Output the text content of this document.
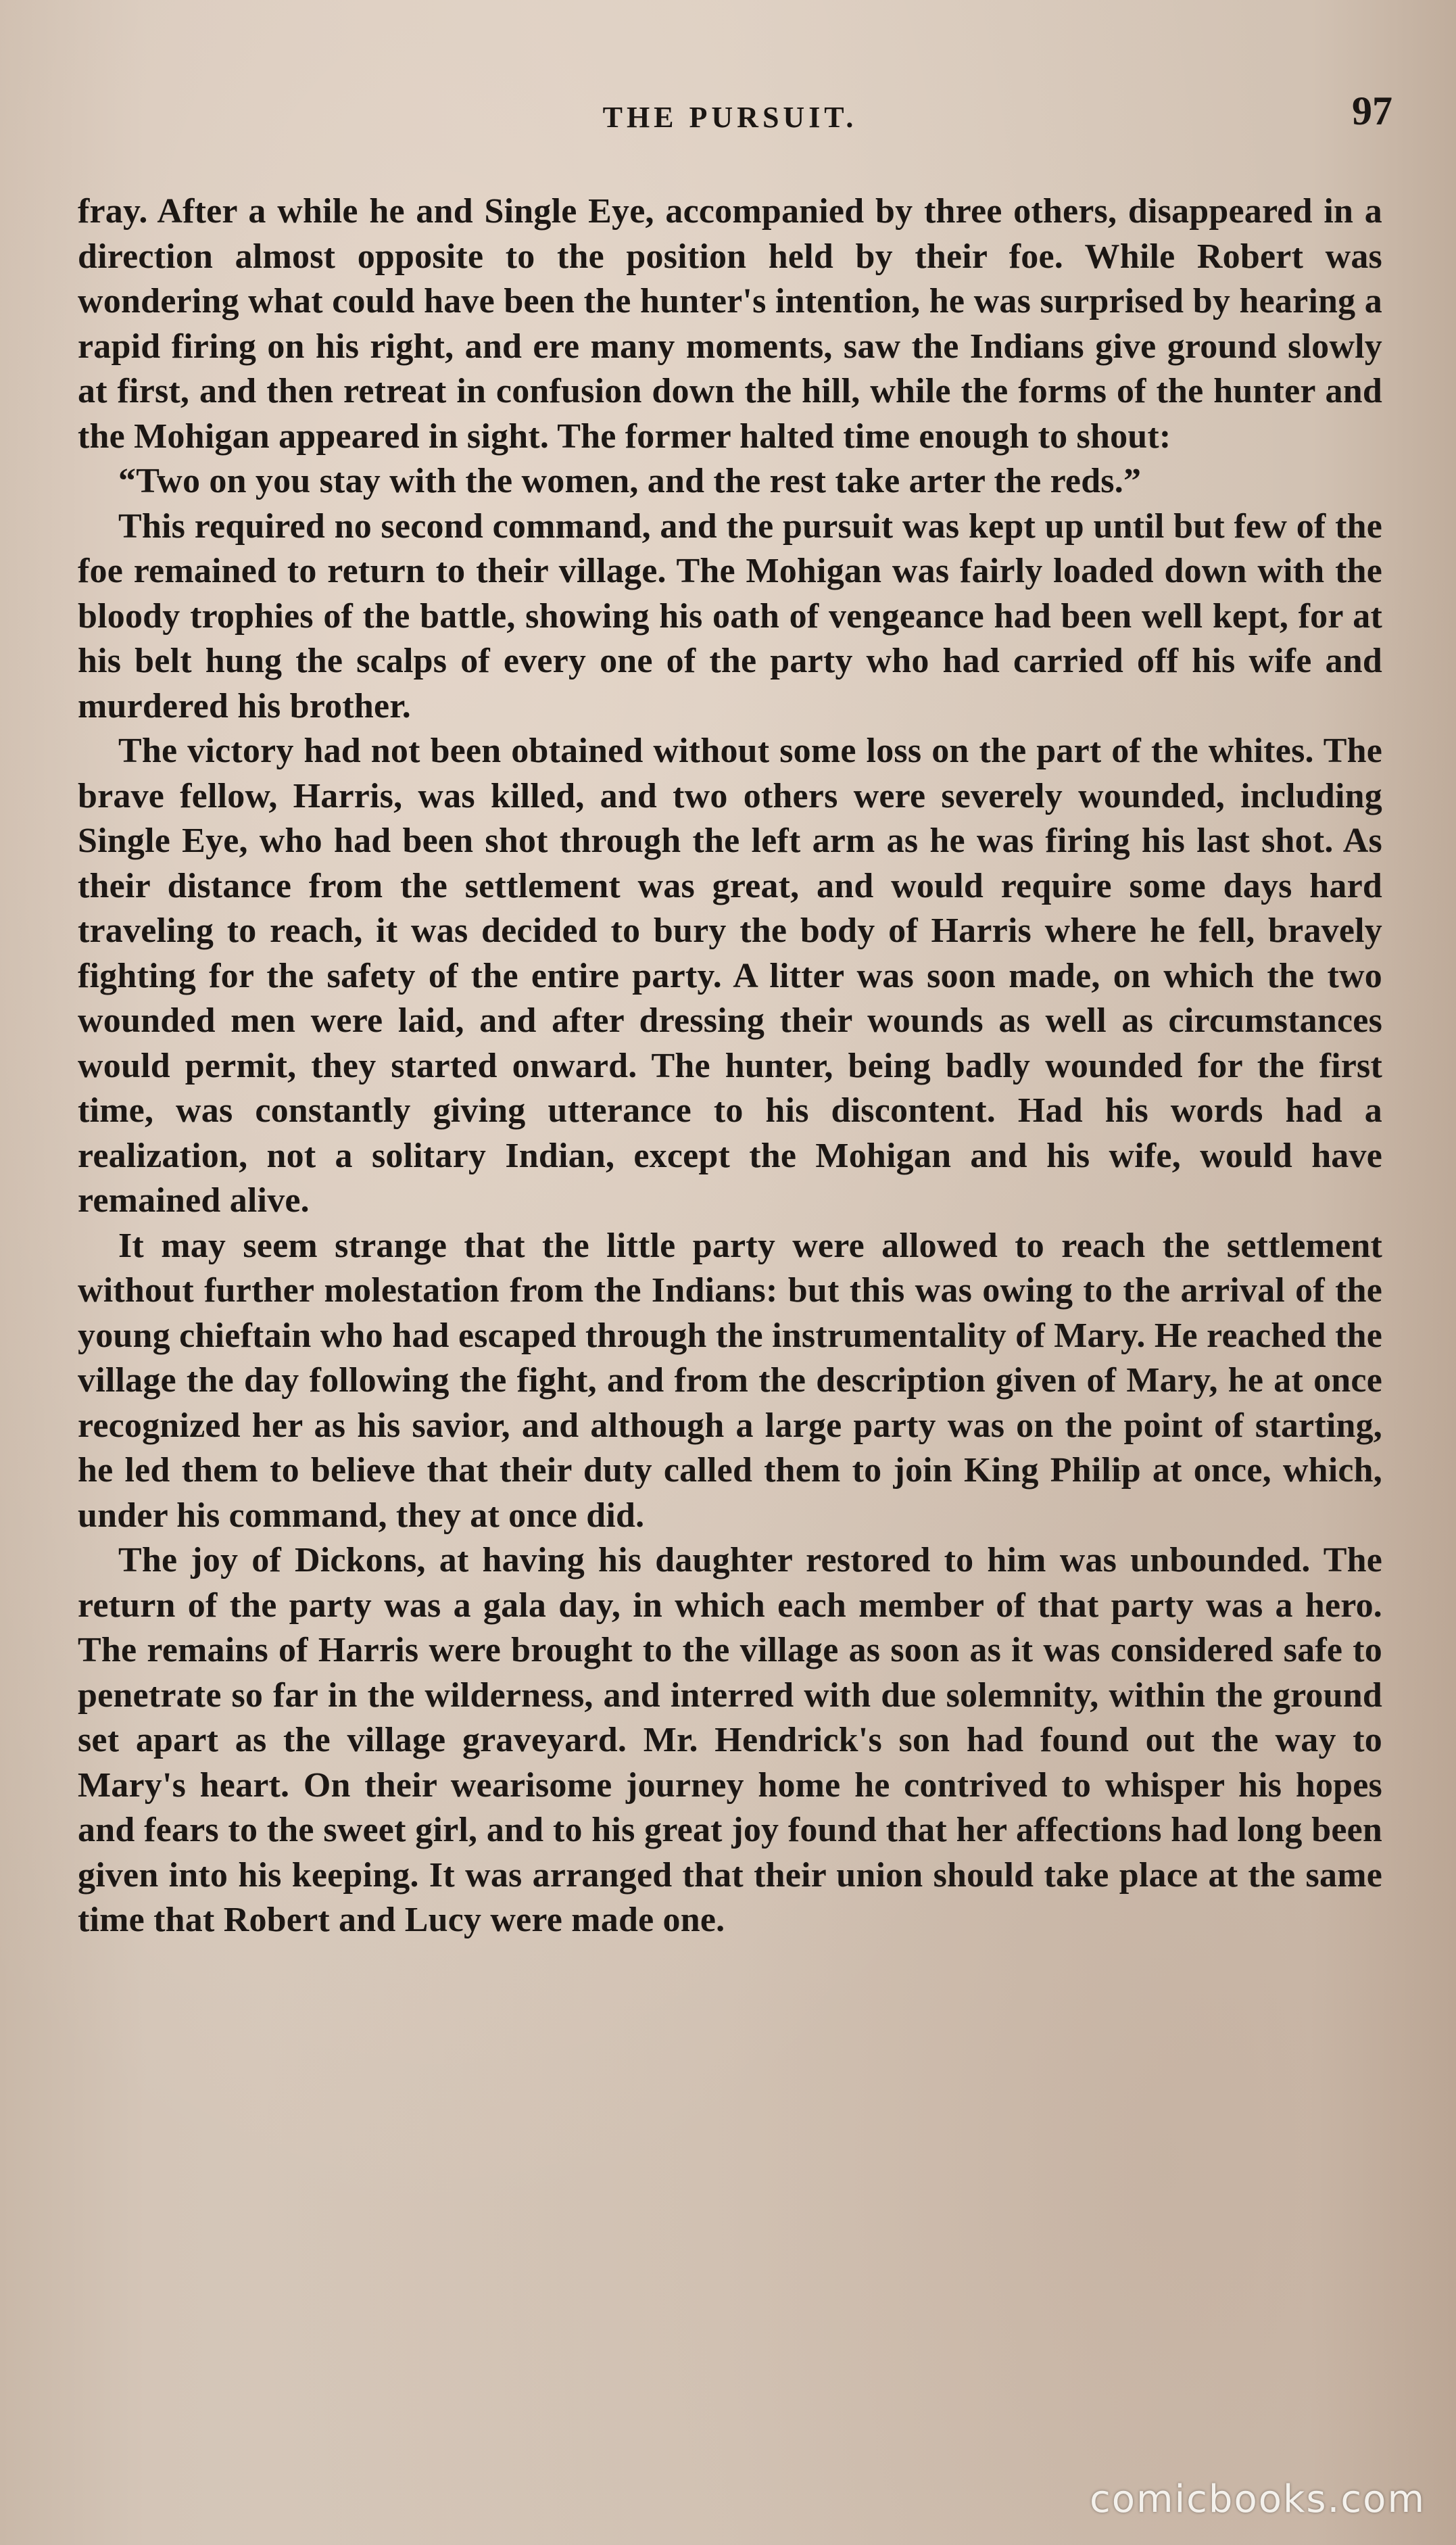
THE PURSUIT.	97

fray. After a while he and Single Eye, accompanied by three others, disappeared in a direction almost opposite to the position held by their foe. While Robert was wondering what could have been the hunter's intention, he was surprised by hearing a rapid firing on his right, and ere many moments, saw the Indians give ground slowly at first, and then retreat in confusion down the hill, while the forms of the hunter and the Mohigan appeared in sight. The former halted time enough to shout:

“Two on you stay with the women, and the rest take arter the reds.”

This required no second command, and the pursuit was kept up until but few of the foe remained to return to their village. The Mohigan was fairly loaded down with the bloody trophies of the battle, showing his oath of vengeance had been well kept, for at his belt hung the scalps of every one of the party who had carried off his wife and murdered his brother.

The victory had not been obtained without some loss on the part of the whites. The brave fellow, Harris, was killed, and two others were severely wounded, including Single Eye, who had been shot through the left arm as he was firing his last shot. As their distance from the settlement was great, and would require some days hard traveling to reach, it was decided to bury the body of Harris where he fell, bravely fighting for the safety of the entire party. A litter was soon made, on which the two wounded men were laid, and after dressing their wounds as well as circumstances would permit, they started onward. The hunter, being badly wounded for the first time, was constantly giving utterance to his discontent. Had his words had a realization, not a solitary Indian, except the Mohigan and his wife, would have remained alive.

It may seem strange that the little party were allowed to reach the settlement without further molestation from the Indians: but this was owing to the arrival of the young chieftain who had escaped through the instrumentality of Mary. He reached the village the day following the fight, and from the description given of Mary, he at once recognized her as his savior, and although a large party was on the point of starting, he led them to believe that their duty called them to join King Philip at once, which, under his command, they at once did.

The joy of Dickons, at having his daughter restored to him was unbounded. The return of the party was a gala day, in which each member of that party was a hero. The remains of Harris were brought to the village as soon as it was considered safe to penetrate so far in the wilderness, and interred with due solemnity, within the ground set apart as the village graveyard. Mr. Hendrick's son had found out the way to Mary's heart. On their wearisome journey home he contrived to whisper his hopes and fears to the sweet girl, and to his great joy found that her affections had long been given into his keeping. It was arranged that their union should take place at the same time that Robert and Lucy were made one.

comicbooks.com
